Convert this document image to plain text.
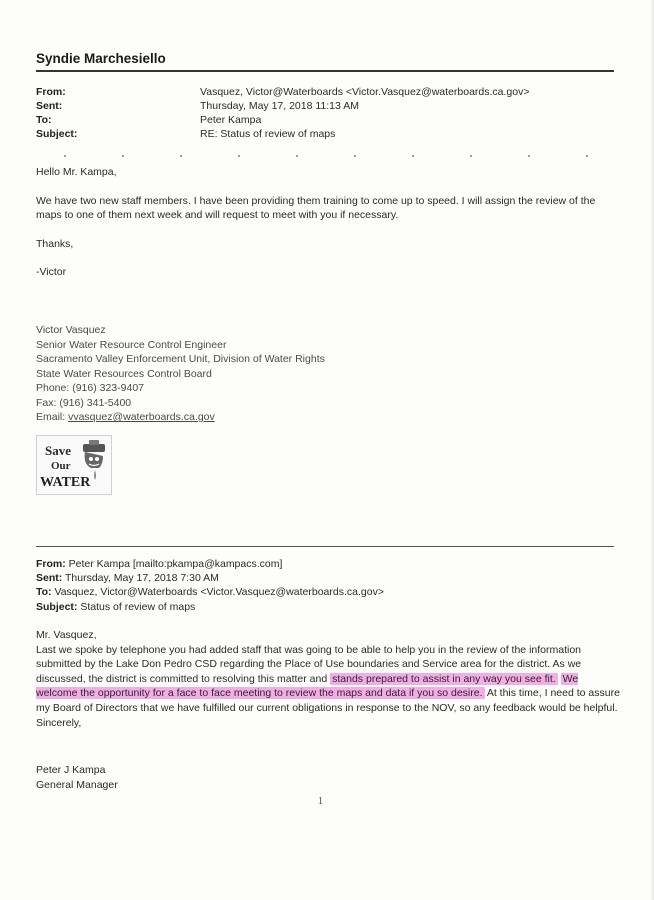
Syndie Marchesiello
From:	Vasquez, Victor@Waterboards <Victor.Vasquez@waterboards.ca.gov>
Sent:	Thursday, May 17, 2018 11:13 AM
To:	Peter Kampa
Subject:	RE: Status of review of maps

Hello Mr. Kampa,

We have two new staff members. I have been providing them training to come up to speed. I will assign the review of the maps to one of them next week and will request to meet with you if necessary.

Thanks,

-Victor

Victor Vasquez
Senior Water Resource Control Engineer
Sacramento Valley Enforcement Unit, Division of Water Rights
State Water Resources Control Board
Phone: (916) 323-9407
Fax: (916) 341-5400
Email: vvasquez@waterboards.ca.gov
Save
Our
WATER
From: Peter Kampa [mailto:pkampa@kampacs.com]
Sent: Thursday, May 17, 2018 7:30 AM
To: Vasquez, Victor@Waterboards <Victor.Vasquez@waterboards.ca.gov>
Subject: Status of review of maps

Mr. Vasquez,

Last we spoke by telephone you had added staff that was going to be able to help you in the review of the information submitted by the Lake Don Pedro CSD regarding the Place of Use boundaries and Service area for the district. As we discussed, the district is committed to resolving this matter and stands prepared to assist in any way you see fit. We welcome the opportunity for a face to face meeting to review the maps and data if you so desire. At this time, I need to assure my Board of Directors that we have fulfilled our current obligations in response to the NOV, so any feedback would be helpful.

Sincerely,

Peter J Kampa
General Manager
1
